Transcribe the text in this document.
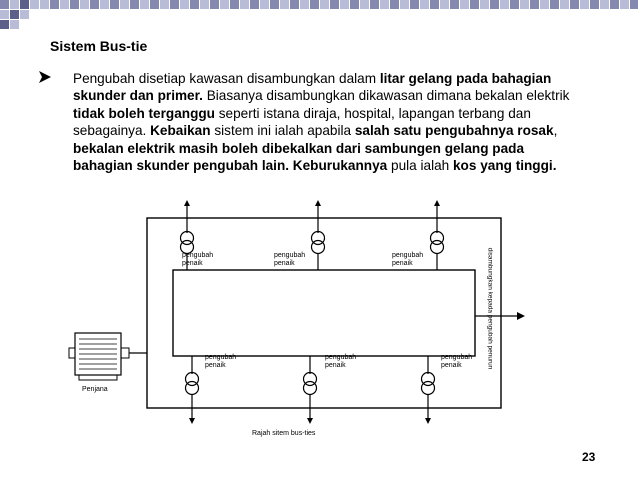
Sistem Bus-tie
Pengubah disetiap kawasan disambungkan dalam litar gelang pada bahagian skunder dan primer. Biasanya disambungkan dikawasan dimana bekalan elektrik tidak boleh terganggu seperti istana diraja, hospital, lapangan terbang dan sebagainya. Kebaikan sistem ini ialah apabila salah satu pengubahnya rosak, bekalan elektrik masih boleh dibekalkan dari sambungen gelang pada bahagian skunder pengubah lain. Keburukannya pula ialah kos yang tinggi.
pengubah
penaik
pengubah
penaik
pengubah
penaik
pengubah
penaik
pengubah
penaik
pengubah
penaik
Penjana
disambungkan kepada pengubah penurun
Rajah sitem bus-ties
23
